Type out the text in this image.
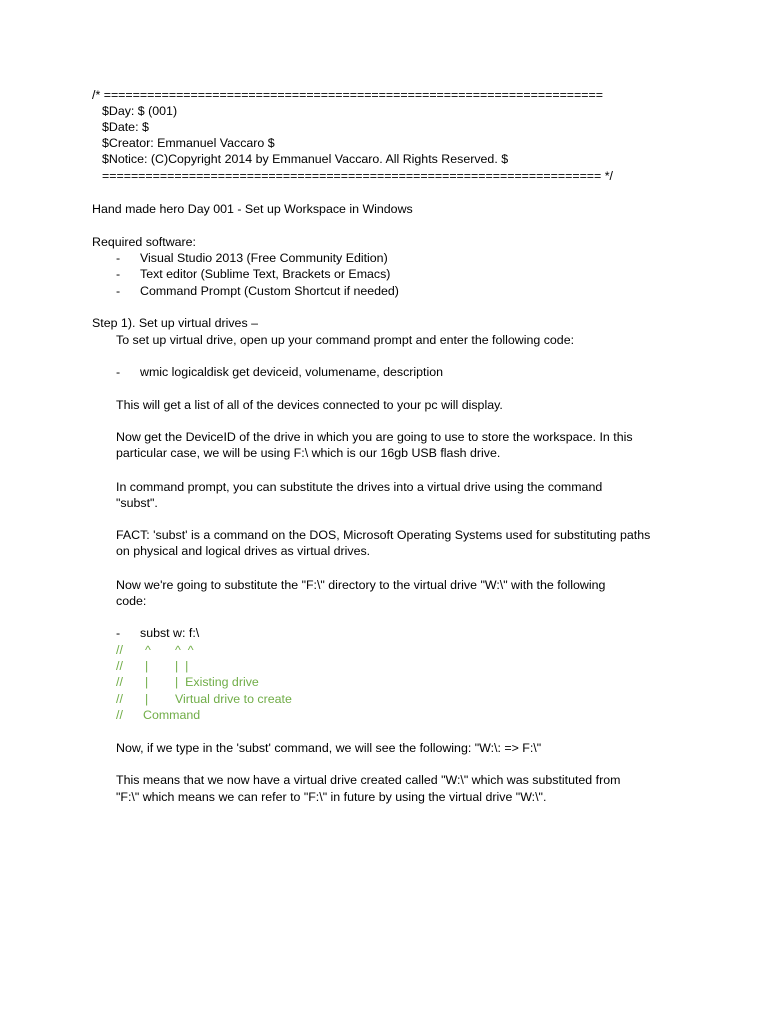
/* =====================================================================
$Day: $ (001)
$Date: $
$Creator: Emmanuel Vaccaro $
$Notice: (C)Copyright 2014 by Emmanuel Vaccaro. All Rights Reserved. $
===================================================================== */
Hand made hero Day 001 - Set up Workspace in Windows
Required software:
- Visual Studio 2013 (Free Community Edition)
- Text editor (Sublime Text, Brackets or Emacs)
- Command Prompt (Custom Shortcut if needed)
Step 1). Set up virtual drives –
To set up virtual drive, open up your command prompt and enter the following code:
- wmic logicaldisk get deviceid, volumename, description
This will get a list of all of the devices connected to your pc will display.
Now get the DeviceID of the drive in which you are going to use to store the workspace. In this
particular case, we will be using F:\ which is our 16gb USB flash drive.
In command prompt, you can substitute the drives into a virtual drive using the command
"subst".
FACT: 'subst' is a command on the DOS, Microsoft Operating Systems used for substituting paths
on physical and logical drives as virtual drives.
Now we're going to substitute the "F:\" directory to the virtual drive "W:\" with the following
code:
- subst w: f:\
// ^ ^  ^
// | |  |
// | |  Existing drive
// | Virtual drive to create
// Command
Now, if we type in the 'subst' command, we will see the following: "W:\: => F:\"
This means that we now have a virtual drive created called "W:\" which was substituted from
"F:\" which means we can refer to "F:\" in future by using the virtual drive "W:\".
